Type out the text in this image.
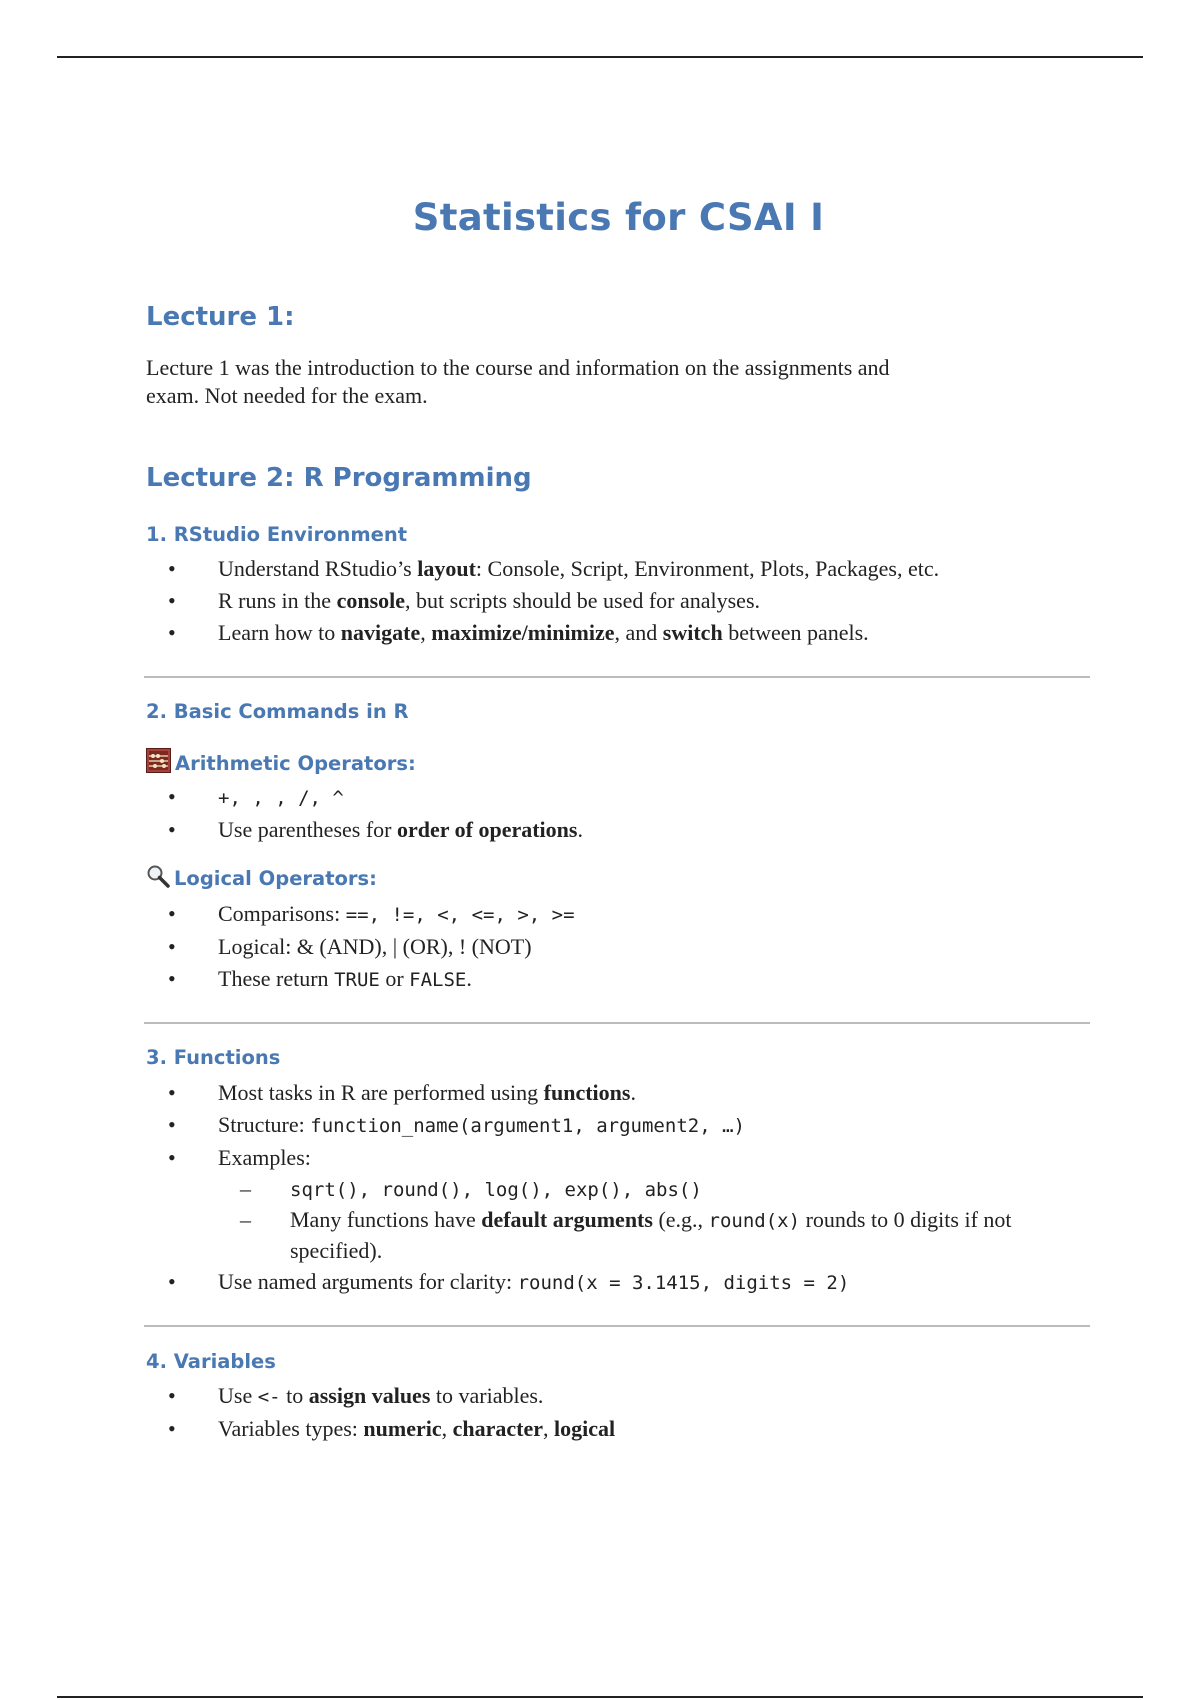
Statistics for CSAI I
Lecture 1:

Lecture 1 was the introduction to the course and information on the assignments and
exam. Not needed for the exam.

Lecture 2: R Programming
1. RStudio Environment
• Understand RStudio’s layout: Console, Script, Environment, Plots, Packages, etc.
• R runs in the console, but scripts should be used for analyses.
• Learn how to navigate, maximize/minimize, and switch between panels.
2. Basic Commands in R
Arithmetic Operators:
• +, , , /, ^
• Use parentheses for order of operations.
Logical Operators:
• Comparisons: ==, !=, <, <=, >, >=
• Logical: & (AND), | (OR), ! (NOT)
• These return TRUE or FALSE.
3. Functions
• Most tasks in R are performed using functions.
• Structure: function_name(argument1, argument2, …)
• Examples:
– sqrt(), round(), log(), exp(), abs()
– Many functions have default arguments (e.g., round(x) rounds to 0 digits if not specified).
• Use named arguments for clarity: round(x = 3.1415, digits = 2)
4. Variables
• Use <- to assign values to variables.
• Variables types: numeric, character, logical
